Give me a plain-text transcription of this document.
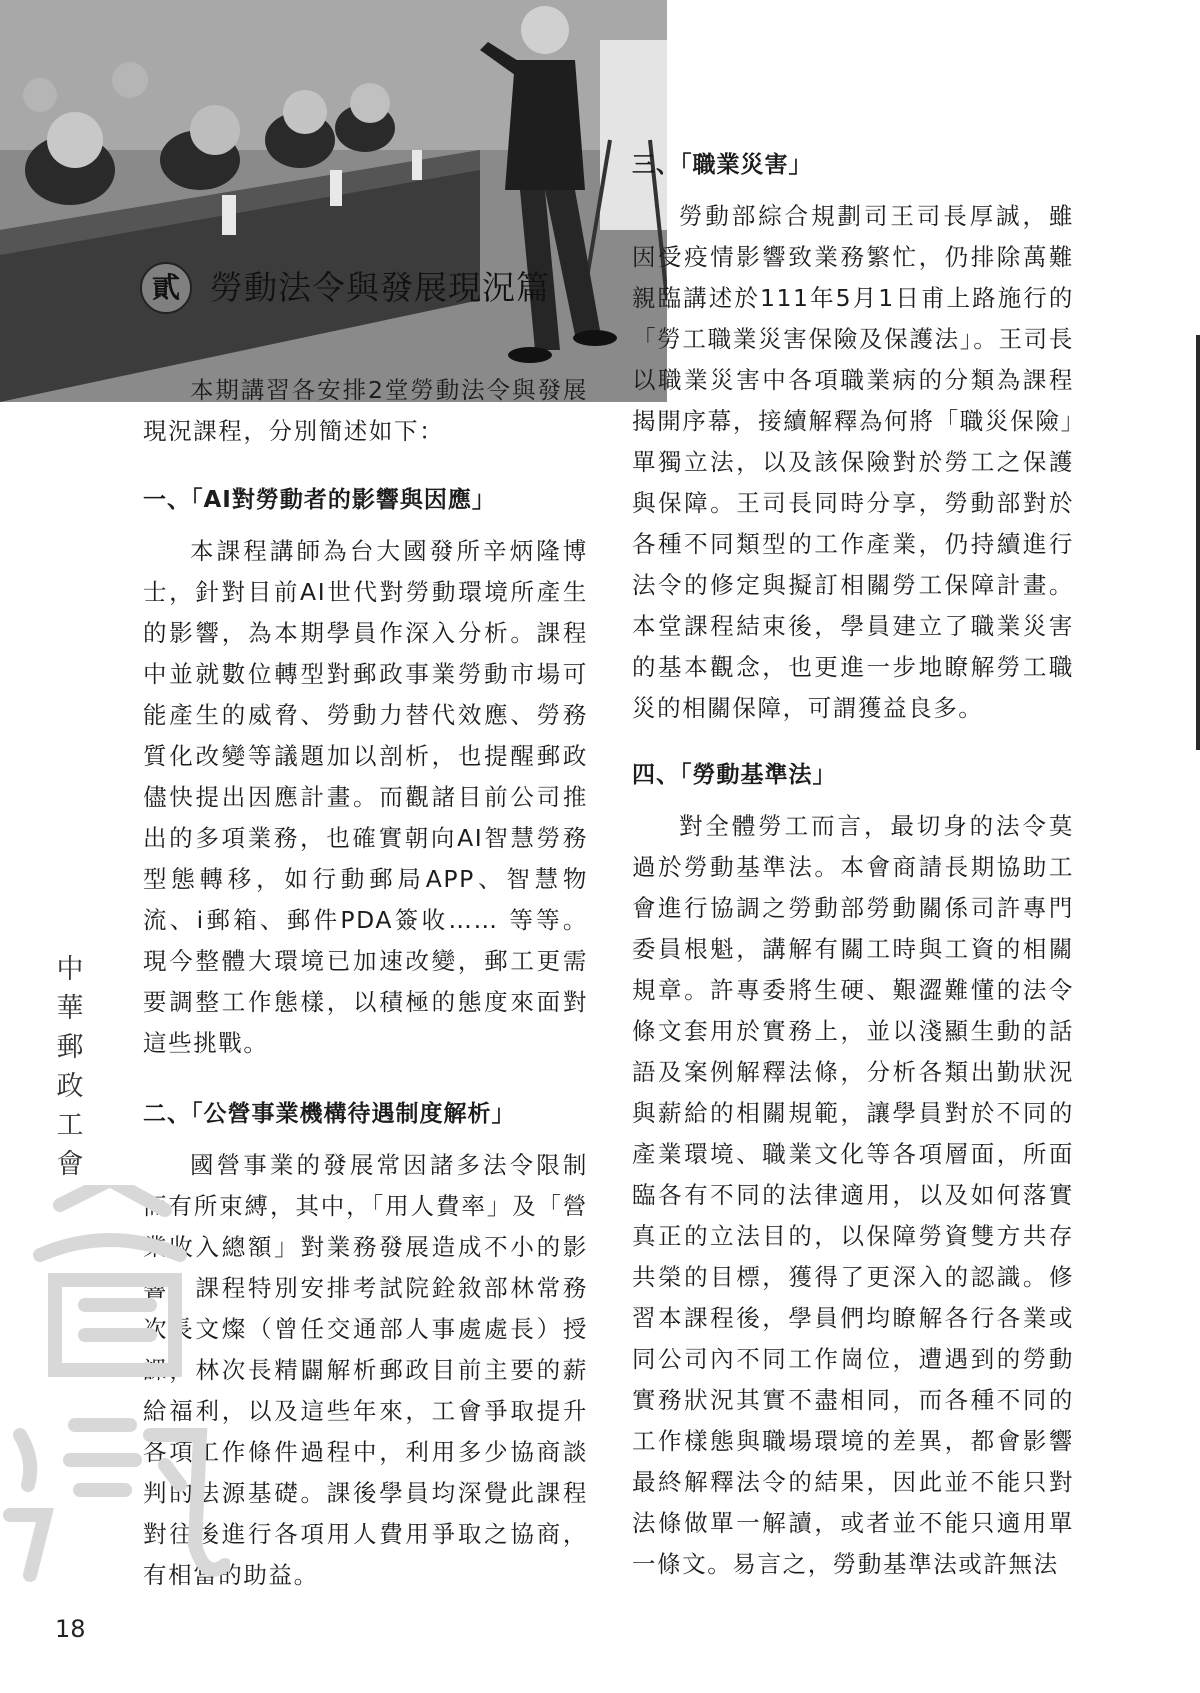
貳 勞動法令與發展現況篇

本期講習各安排2堂勞動法令與發展現況課程，分別簡述如下：

一、「AI對勞動者的影響與因應」

本課程講師為台大國發所辛炳隆博士，針對目前AI世代對勞動環境所產生的影響，為本期學員作深入分析。課程中並就數位轉型對郵政事業勞動市場可能產生的威脅、勞動力替代效應、勞務質化改變等議題加以剖析，也提醒郵政儘快提出因應計畫。而觀諸目前公司推出的多項業務，也確實朝向AI智慧勞務型態轉移，如行動郵局APP、智慧物流、i郵箱、郵件PDA簽收…… 等等。現今整體大環境已加速改變，郵工更需要調整工作態樣，以積極的態度來面對這些挑戰。

二、「公營事業機構待遇制度解析」

國營事業的發展常因諸多法令限制而有所束縛，其中，「用人費率」及「營業收入總額」對業務發展造成不小的影響。課程特別安排考試院銓敘部林常務次長文燦（曾任交通部人事處處長）授課，林次長精闢解析郵政目前主要的薪給福利，以及這些年來，工會爭取提升各項工作條件過程中，利用多少協商談判的法源基礎。課後學員均深覺此課程對往後進行各項用人費用爭取之協商，有相當的助益。

三、「職業災害」

勞動部綜合規劃司王司長厚誠，雖因受疫情影響致業務繁忙，仍排除萬難親臨講述於111年5月1日甫上路施行的「勞工職業災害保險及保護法」。王司長以職業災害中各項職業病的分類為課程揭開序幕，接續解釋為何將「職災保險」單獨立法，以及該保險對於勞工之保護與保障。王司長同時分享，勞動部對於各種不同類型的工作產業，仍持續進行法令的修定與擬訂相關勞工保障計畫。本堂課程結束後，學員建立了職業災害的基本觀念，也更進一步地瞭解勞工職災的相關保障，可謂獲益良多。

四、「勞動基準法」

對全體勞工而言，最切身的法令莫過於勞動基準法。本會商請長期協助工會進行協調之勞動部勞動關係司許專門委員根魁，講解有關工時與工資的相關規章。許專委將生硬、艱澀難懂的法令條文套用於實務上，並以淺顯生動的話語及案例解釋法條，分析各類出勤狀況與薪給的相關規範，讓學員對於不同的產業環境、職業文化等各項層面，所面臨各有不同的法律適用，以及如何落實真正的立法目的，以保障勞資雙方共存共榮的目標，獲得了更深入的認識。修習本課程後，學員們均瞭解各行各業或同公司內不同工作崗位，遭遇到的勞動實務狀況其實不盡相同，而各種不同的工作樣態與職場環境的差異，都會影響最終解釋法令的結果，因此並不能只對法條做單一解讀，或者並不能只適用單一條文。易言之，勞動基準法或許無法

中華郵政工會
18
